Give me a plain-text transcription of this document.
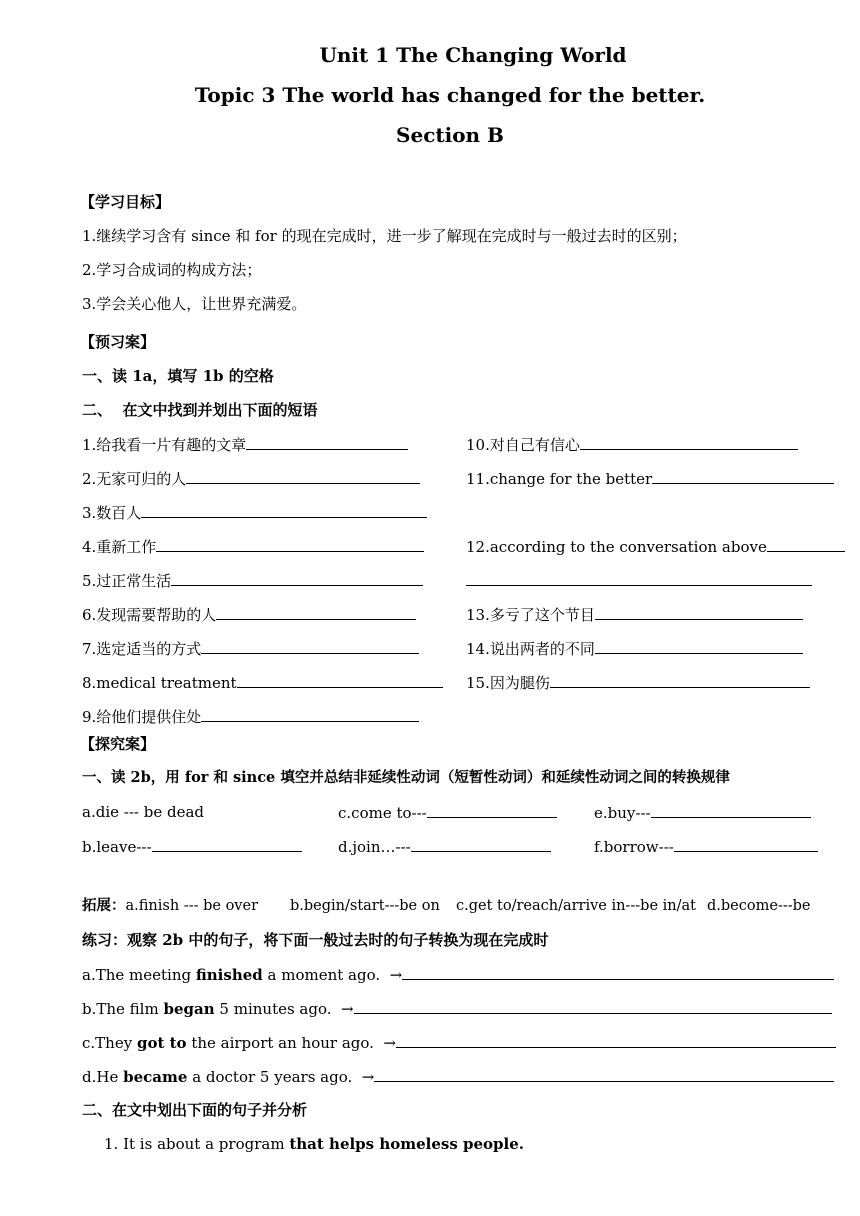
Unit 1 The Changing World
Topic 3 The world has changed for the better.
Section B
【学习目标】
1.继续学习含有 since 和 for 的现在完成时，进一步了解现在完成时与一般过去时的区别；
2.学习合成词的构成方法；
3.学会关心他人，让世界充满爱。
【预习案】
一、读 1a，填写 1b 的空格
二、  在文中找到并划出下面的短语
1.给我看一片有趣的文章
2.无家可归的人
3.数百人
4.重新工作
5.过正常生活
6.发现需要帮助的人
7.选定适当的方式
8.medical treatment
9.给他们提供住处
10.对自己有信心
11.change for the better
12.according to the conversation above
13.多亏了这个节目
14.说出两者的不同
15.因为腿伤
【探究案】
一、读 2b，用 for 和 since 填空并总结非延续性动词（短暂性动词）和延续性动词之间的转换规律
a.die --- be dead	c.come to---	e.buy---
b.leave---	d.join…---	f.borrow---
拓展：a.finish --- be over b.begin/start---be on c.get to/reach/arrive in---be in/at d.become---be
练习：观察 2b 中的句子，将下面一般过去时的句子转换为现在完成时
a.The meeting finished a moment ago.  →
b.The film began 5 minutes ago.  →
c.They got to the airport an hour ago.  →
d.He became a doctor 5 years ago.  →
二、在文中划出下面的句子并分析
1. It is about a program that helps homeless people.
